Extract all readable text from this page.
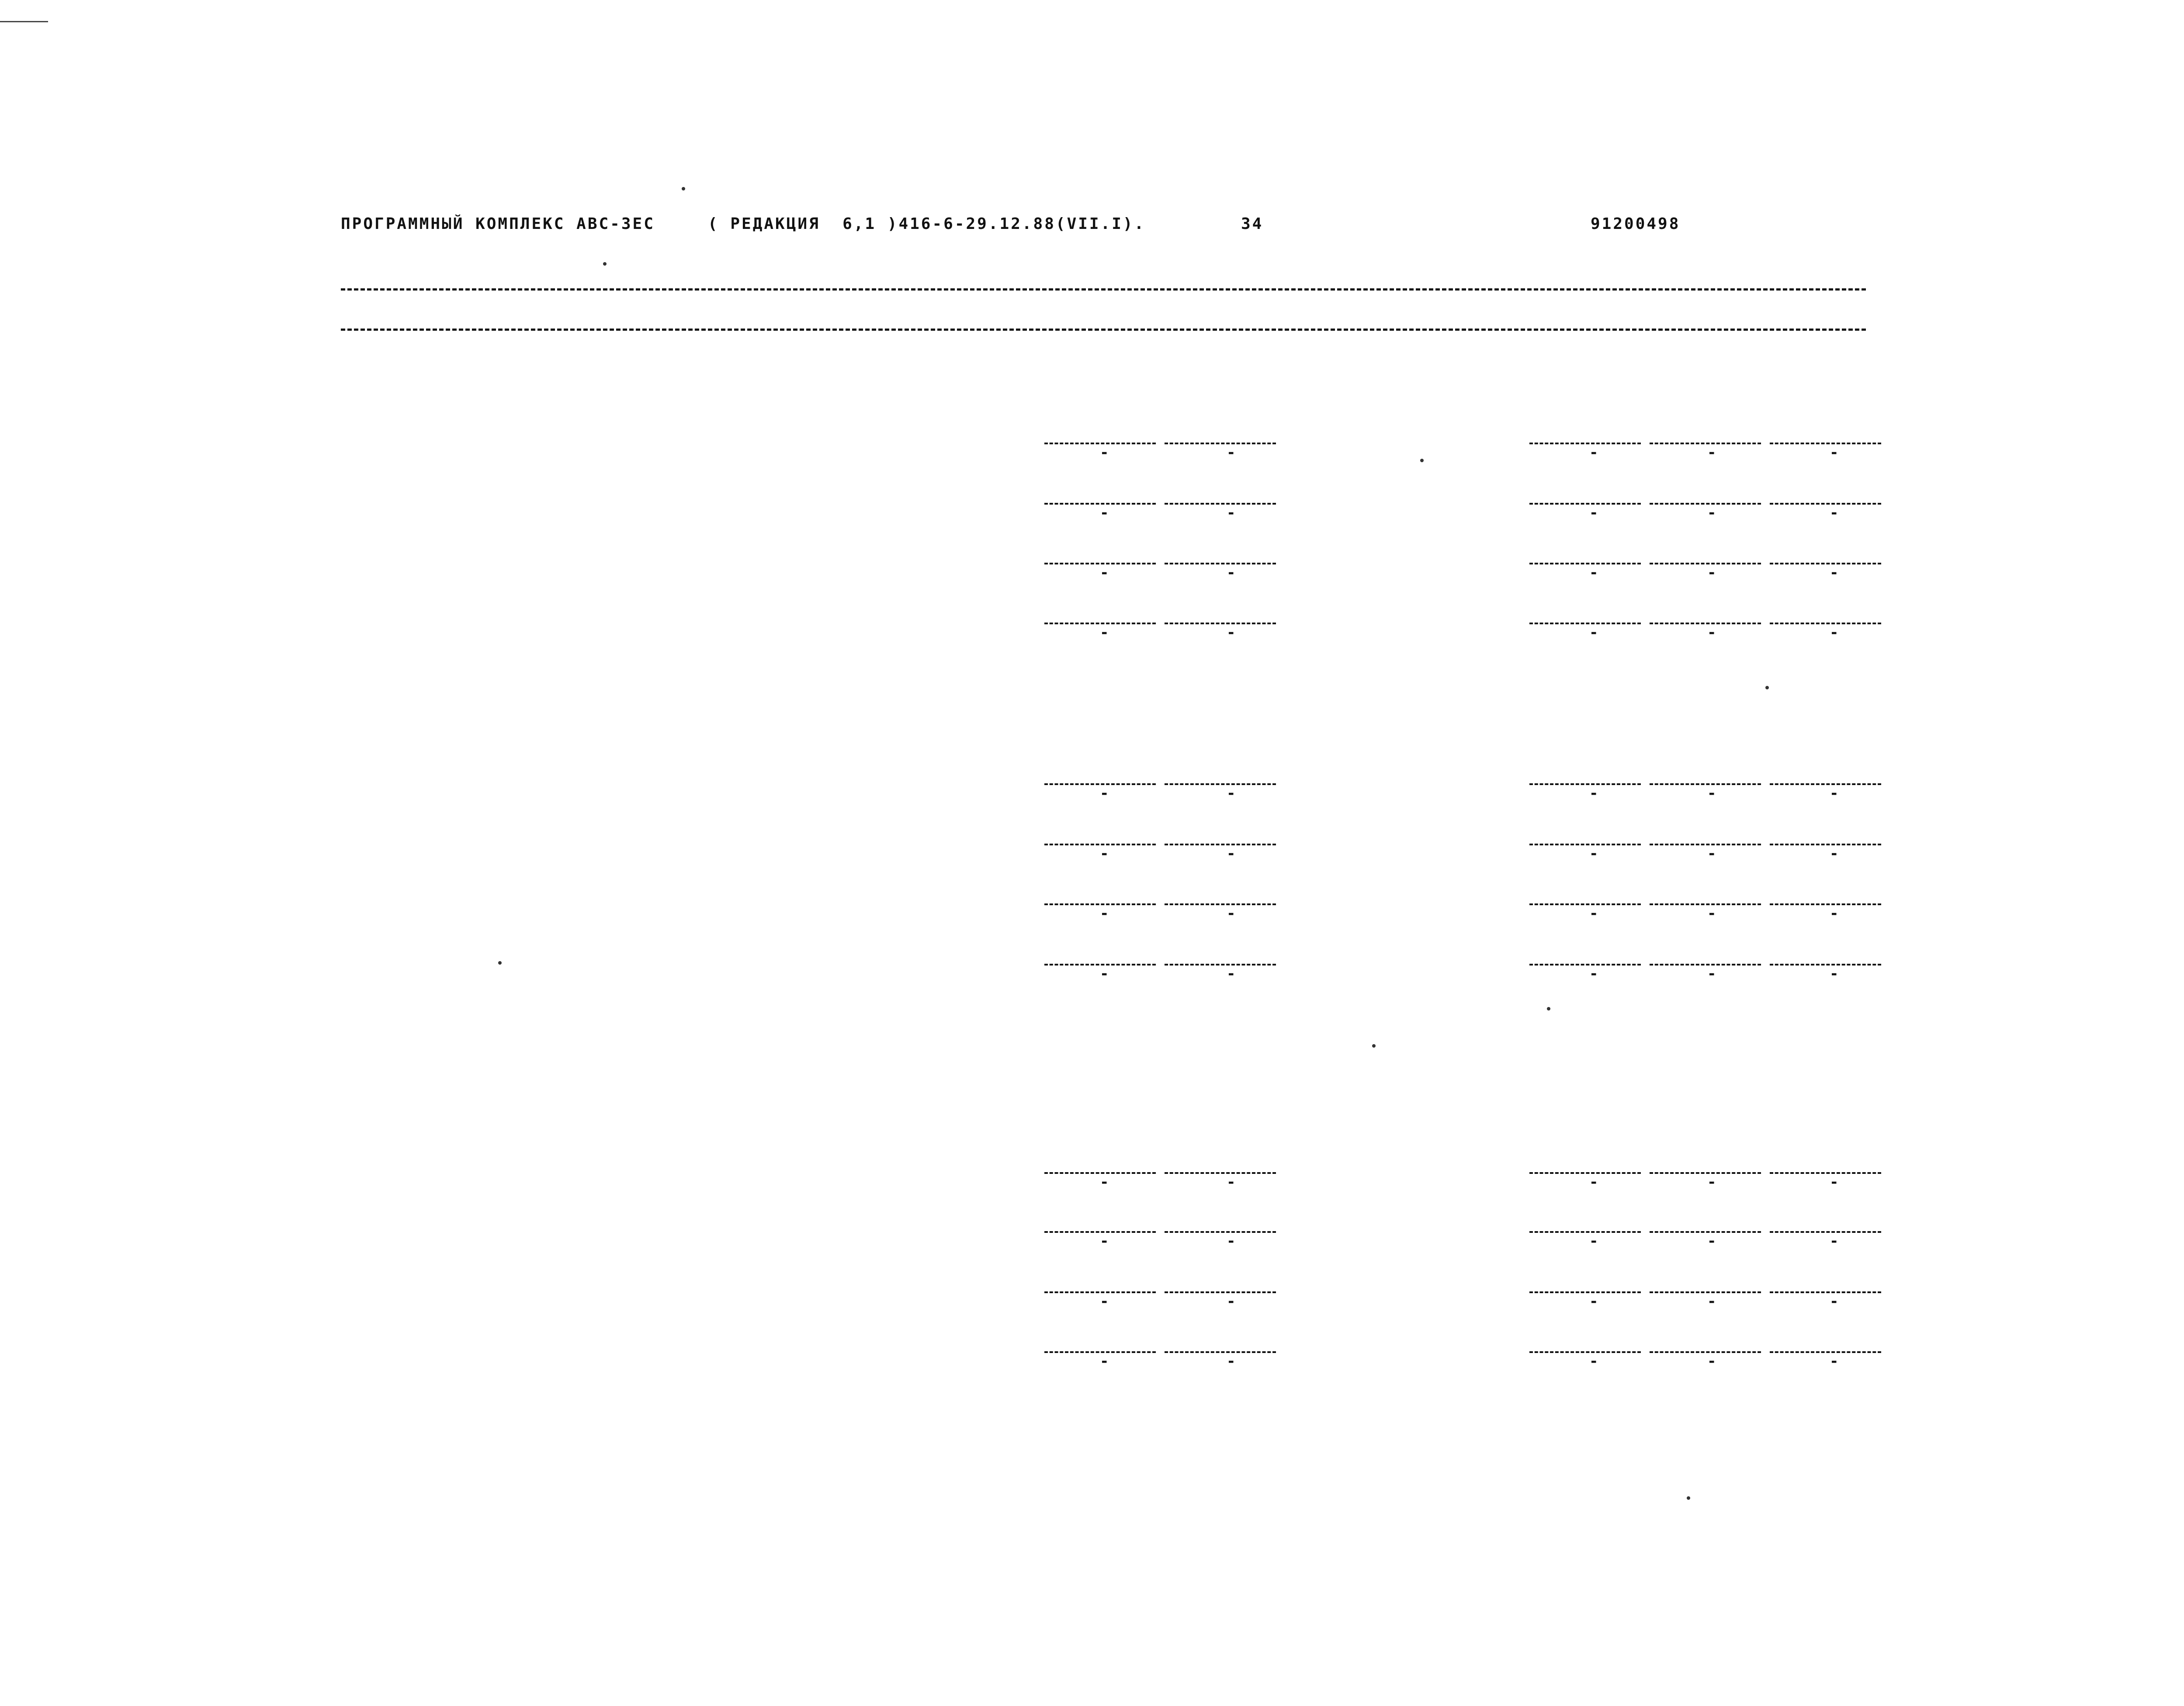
ПРОГРАММНЫЙ КОМПЛЕКС АВС-3ЕС	( РЕДАКЦИЯ  6,1 )416-6-29.12.88(VII.I).	34	91200498
-	-	-	-	-
-	-	-	-	-
-	-	-	-	-
-	-	-	-	-
-	-	-	-	-
-	-	-	-	-
-	-	-	-	-
-	-	-	-	-
-	-	-	-	-
-	-	-	-	-
-	-	-	-	-
-	-	-	-	-
